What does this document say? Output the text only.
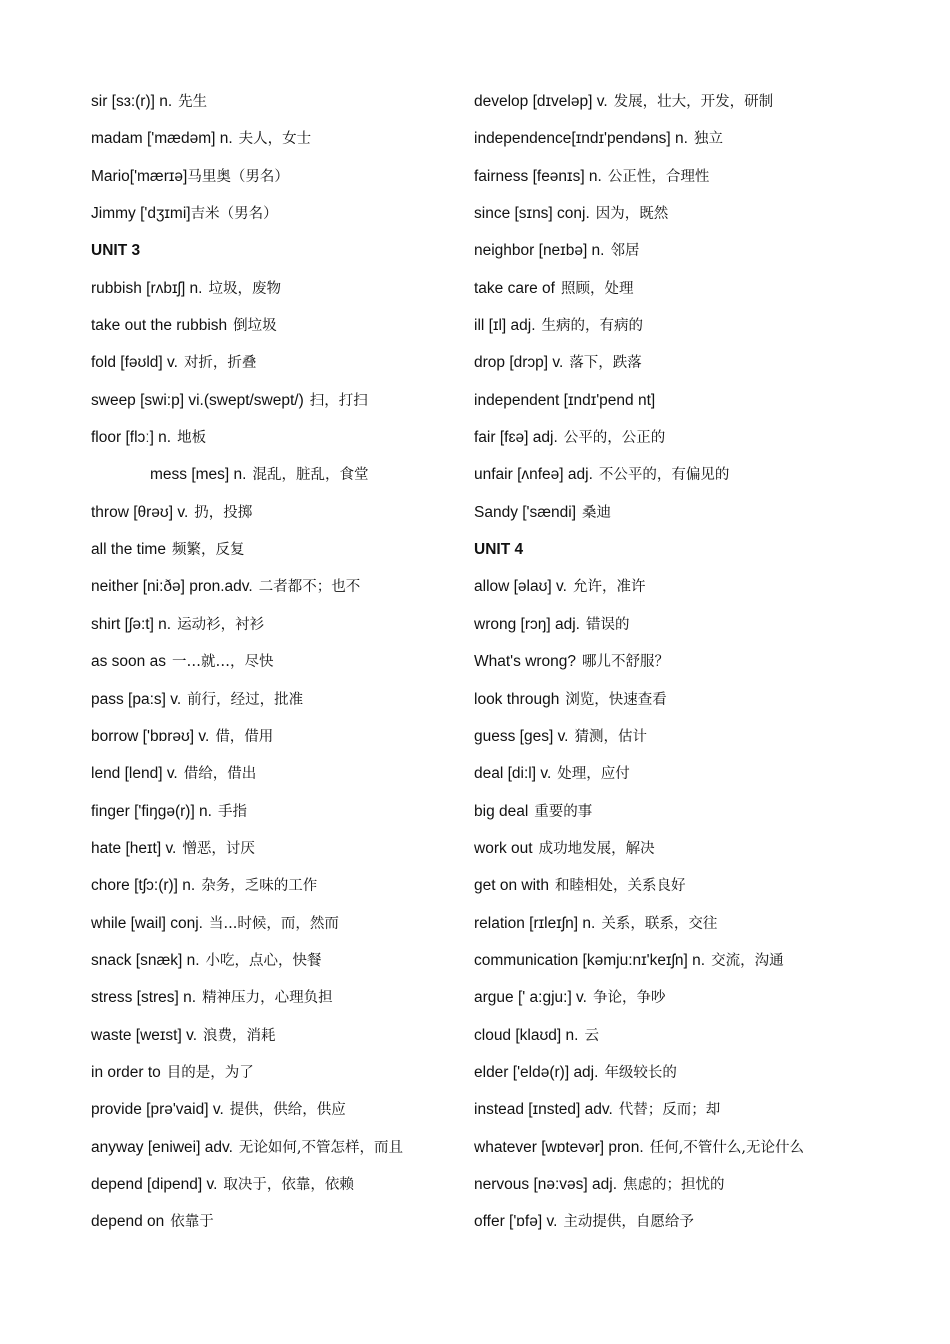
sir [sɜ:(r)] n. 先生
madam ['mædəm] n. 夫人，女士
Mario['mærɪə]马里奥（男名）
Jimmy ['dʒɪmi]吉米（男名）
UNIT 3
rubbish [rʌbɪʃ] n. 垃圾，废物
take out the rubbish 倒垃圾
fold [fəʊld] v. 对折，折叠
sweep [swi:p] vi.(swept/swept/) 扫，打扫
floor [flɔː] n. 地板
mess [mes] n. 混乱，脏乱，食堂
throw [θrəʊ] v. 扔，投掷
all the time 频繁，反复
neither [ni:ðə] pron.adv. 二者都不；也不
shirt [ʃə:t] n. 运动衫，衬衫
as soon as 一…就…，尽快
pass [pa:s] v. 前行，经过，批准
borrow ['bɒrəʊ] v. 借，借用
lend [lend] v. 借给，借出
finger ['fiŋgə(r)] n. 手指
hate [heɪt] v. 憎恶，讨厌
chore [tʃɔ:(r)] n. 杂务，乏味的工作
while [wail] conj. 当...时候，而，然而
snack [snæk] n. 小吃，点心，快餐
stress [stres] n. 精神压力，心理负担
waste [weɪst] v. 浪费，消耗
in order to 目的是，为了
provide [prə'vaid] v. 提供，供给，供应
anyway [eniwei] adv. 无论如何,不管怎样，而且
depend [dipend] v. 取决于，依靠，依赖
depend on 依靠于
develop [dɪveləp] v. 发展，壮大，开发，研制
independence[ɪndɪ'pendəns] n. 独立
fairness [feənɪs] n. 公正性，合理性
since [sɪns] conj. 因为，既然
neighbor [neɪbə] n. 邻居
take care of 照顾，处理
ill [ɪl] adj. 生病的，有病的
drop [drɔp] v. 落下，跌落
independent [ɪndɪ'pend nt]
fair [fɛə] adj. 公平的，公正的
unfair [ʌnfeə] adj. 不公平的，有偏见的
Sandy ['sændi] 桑迪
UNIT 4
allow [əlaʊ] v. 允许，准许
wrong [rɔŋ] adj. 错误的
What's wrong? 哪儿不舒服？
look through 浏览，快速查看
guess [ges] v. 猜测，估计
deal [di:l] v. 处理，应付
big deal 重要的事
work out 成功地发展，解决
get on with 和睦相处，关系良好
relation [rɪleɪʃn] n. 关系，联系，交往
communication [kəmju:nɪ'keɪʃn] n. 交流，沟通
argue [' a:gju:] v. 争论，争吵
cloud [klaʊd] n. 云
elder ['eldə(r)] adj. 年级较长的
instead [ɪnsted] adv. 代替；反而；却
whatever [wɒtevər] pron. 任何,不管什么,无论什么
nervous [nə:vəs] adj. 焦虑的；担忧的
offer ['ɒfə] v. 主动提供，自愿给予
